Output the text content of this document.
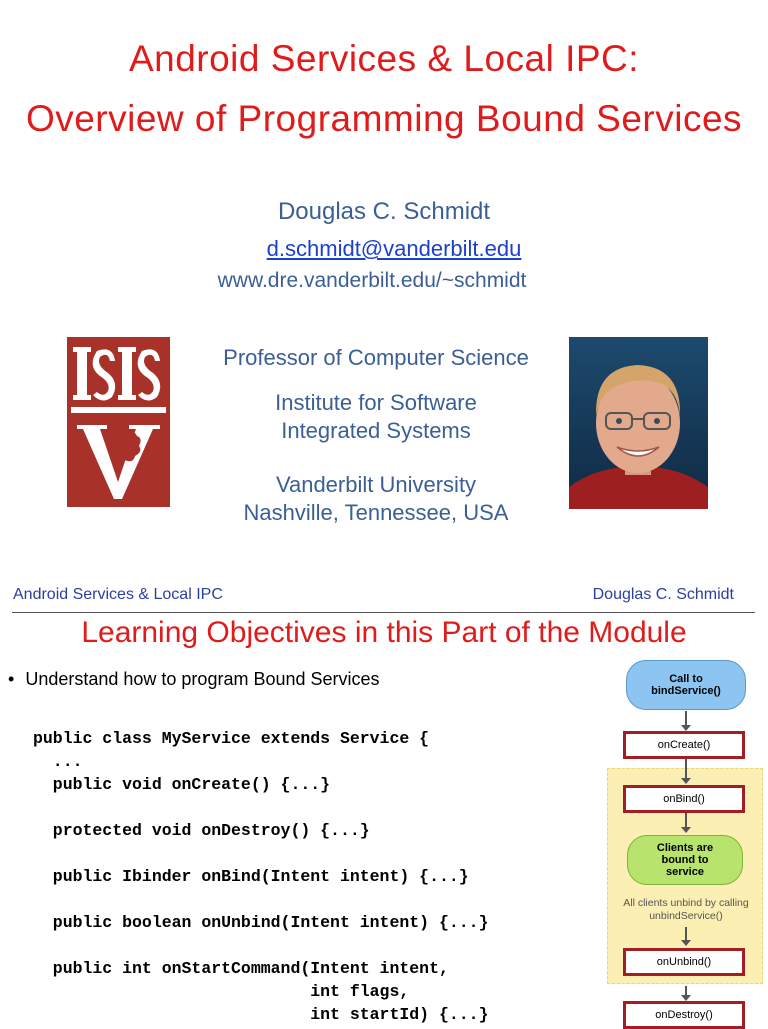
Android Services & Local IPC:
Overview of Programming Bound Services
Douglas C. Schmidt
d.schmidt@vanderbilt.edu
www.dre.vanderbilt.edu/~schmidt
Professor of Computer Science
Institute for Software
Integrated Systems
Vanderbilt University
Nashville, Tennessee, USA
Android Services & Local IPC	Douglas C. Schmidt
Learning Objectives in this Part of the Module
• Understand how to program Bound Services
public class MyService extends Service {
...
public void onCreate() {...}
protected void onDestroy() {...}
public Ibinder onBind(Intent intent) {...}
public boolean onUnbind(Intent intent) {...}
public int onStartCommand(Intent intent,
int flags,
int startId) {...}
Call to bindService()
onCreate()
onBind()
Clients are bound to service
All clients unbind by calling unbindService()
onUnbind()
onDestroy()
